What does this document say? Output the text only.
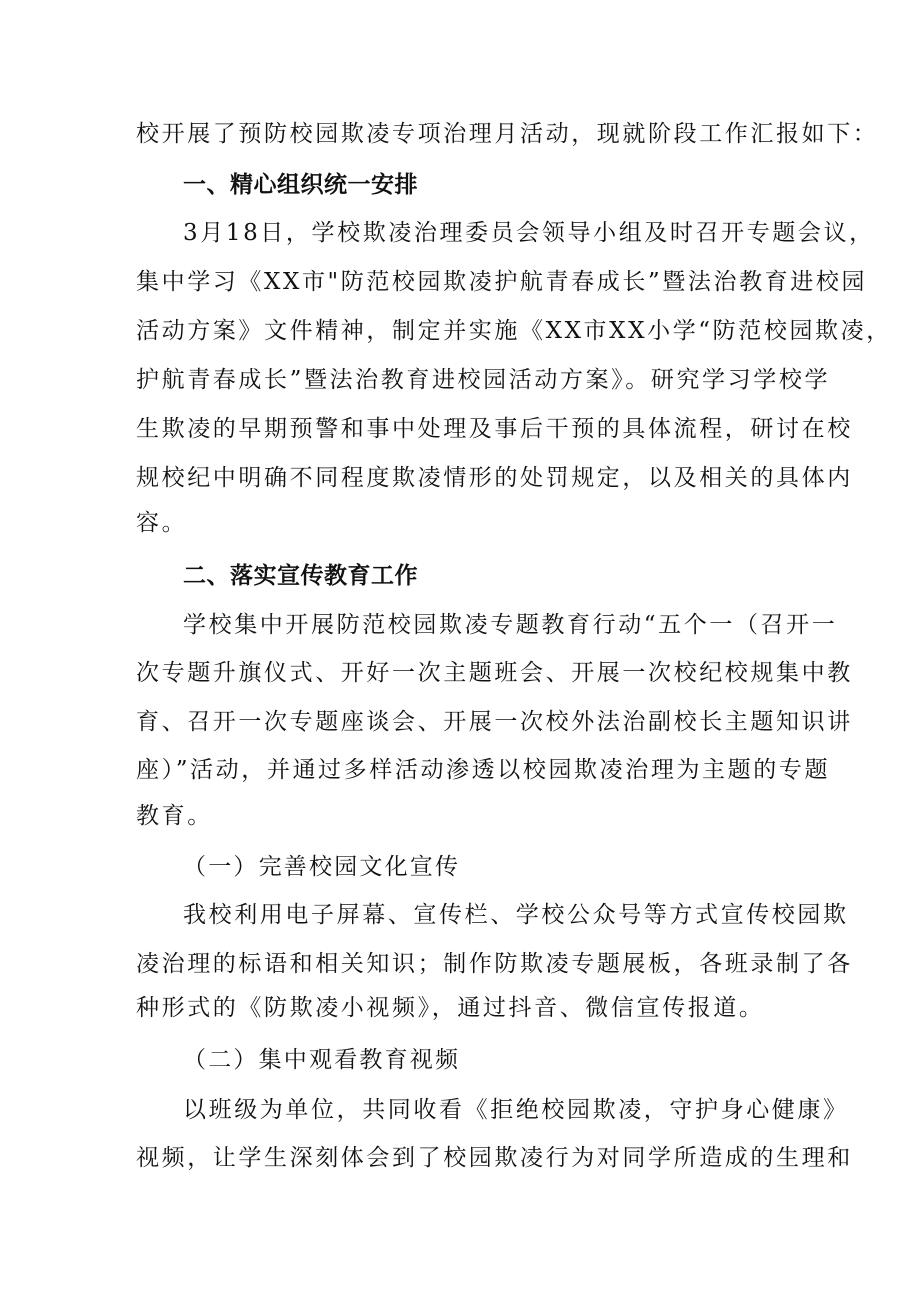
校开展了预防校园欺凌专项治理月活动，现就阶段工作汇报如下：
一、精心组织统一安排
3月18日，学校欺凌治理委员会领导小组及时召开专题会议，
集中学习《XX市"防范校园欺凌护航青春成长”暨法治教育进校园
活动方案》文件精神，制定并实施《XX市XX小学“防范校园欺凌，
护航青春成长”暨法治教育进校园活动方案》。研究学习学校学
生欺凌的早期预警和事中处理及事后干预的具体流程，研讨在校
规校纪中明确不同程度欺凌情形的处罚规定，以及相关的具体内
容。
二、落实宣传教育工作
学校集中开展防范校园欺凌专题教育行动“五个一（召开一
次专题升旗仪式、开好一次主题班会、开展一次校纪校规集中教
育、召开一次专题座谈会、开展一次校外法治副校长主题知识讲
座）”活动，并通过多样活动渗透以校园欺凌治理为主题的专题
教育。
（一）完善校园文化宣传
我校利用电子屏幕、宣传栏、学校公众号等方式宣传校园欺
凌治理的标语和相关知识；制作防欺凌专题展板，各班录制了各
种形式的《防欺凌小视频》，通过抖音、微信宣传报道。
（二）集中观看教育视频
以班级为单位，共同收看《拒绝校园欺凌，守护身心健康》
视频，让学生深刻体会到了校园欺凌行为对同学所造成的生理和
